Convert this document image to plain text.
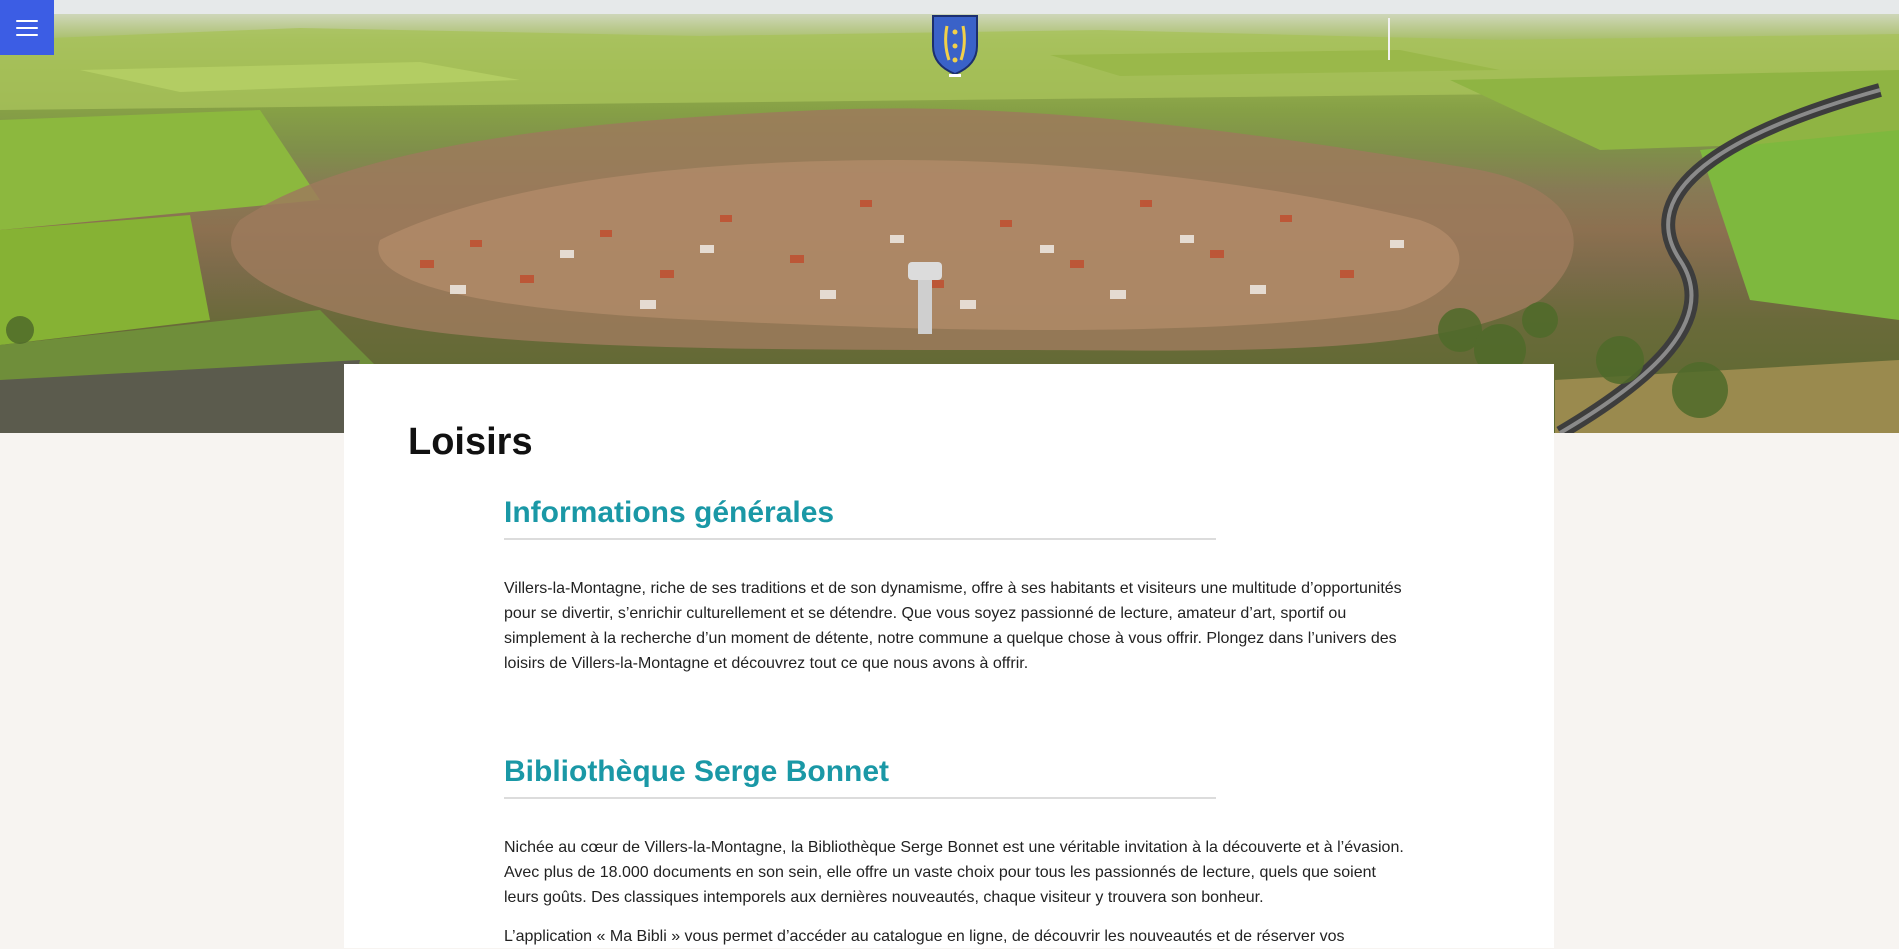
Loisirs
Informations générales

Villers-la-Montagne, riche de ses traditions et de son dynamisme, offre à ses habitants et visiteurs une multitude d’opportunités pour se divertir, s’enrichir culturellement et se détendre. Que vous soyez passionné de lecture, amateur d’art, sportif ou simplement à la recherche d’un moment de détente, notre commune a quelque chose à vous offrir. Plongez dans l’univers des loisirs de Villers-la-Montagne et découvrez tout ce que nous avons à offrir.

Bibliothèque Serge Bonnet

Nichée au cœur de Villers-la-Montagne, la Bibliothèque Serge Bonnet est une véritable invitation à la découverte et à l’évasion. Avec plus de 18.000 documents en son sein, elle offre un vaste choix pour tous les passionnés de lecture, quels que soient leurs goûts. Des classiques intemporels aux dernières nouveautés, chaque visiteur y trouvera son bonheur.

L’application « Ma Bibli » vous permet d’accéder au catalogue en ligne, de découvrir les nouveautés et de réserver vos
